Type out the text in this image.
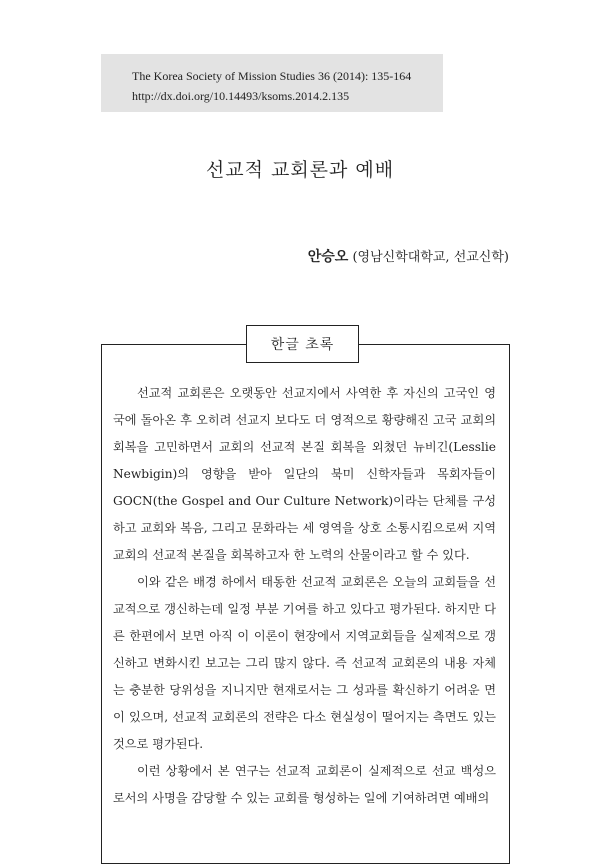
The Korea Society of Mission Studies 36 (2014): 135-164
http://dx.doi.org/10.14493/ksoms.2014.2.135
선교적 교회론과 예배
안승오 (영남신학대학교, 선교신학)
한글 초록

선교적 교회론은 오랫동안 선교지에서 사역한 후 자신의 고국인 영국에 돌아온 후 오히려 선교지 보다도 더 영적으로 황량해진 고국 교회의 회복을 고민하면서 교회의 선교적 본질 회복을 외쳤던 뉴비긴(Lesslie Newbigin)의 영향을 받아 일단의 북미 신학자들과 목회자들이 GOCN(the Gospel and Our Culture Network)이라는 단체를 구성하고 교회와 복음, 그리고 문화라는 세 영역을 상호 소통시킴으로써 지역교회의 선교적 본질을 회복하고자 한 노력의 산물이라고 할 수 있다.

이와 같은 배경 하에서 태동한 선교적 교회론은 오늘의 교회들을 선교적으로 갱신하는데 일정 부분 기여를 하고 있다고 평가된다. 하지만 다른 한편에서 보면 아직 이 이론이 현장에서 지역교회들을 실제적으로 갱신하고 변화시킨 보고는 그리 많지 않다. 즉 선교적 교회론의 내용 자체는 충분한 당위성을 지니지만 현재로서는 그 성과를 확신하기 어려운 면이 있으며, 선교적 교회론의 전략은 다소 현실성이 떨어지는 측면도 있는 것으로 평가된다.

이런 상황에서 본 연구는 선교적 교회론이 실제적으로 선교 백성으로서의 사명을 감당할 수 있는 교회를 형성하는 일에 기여하려면 예배의
